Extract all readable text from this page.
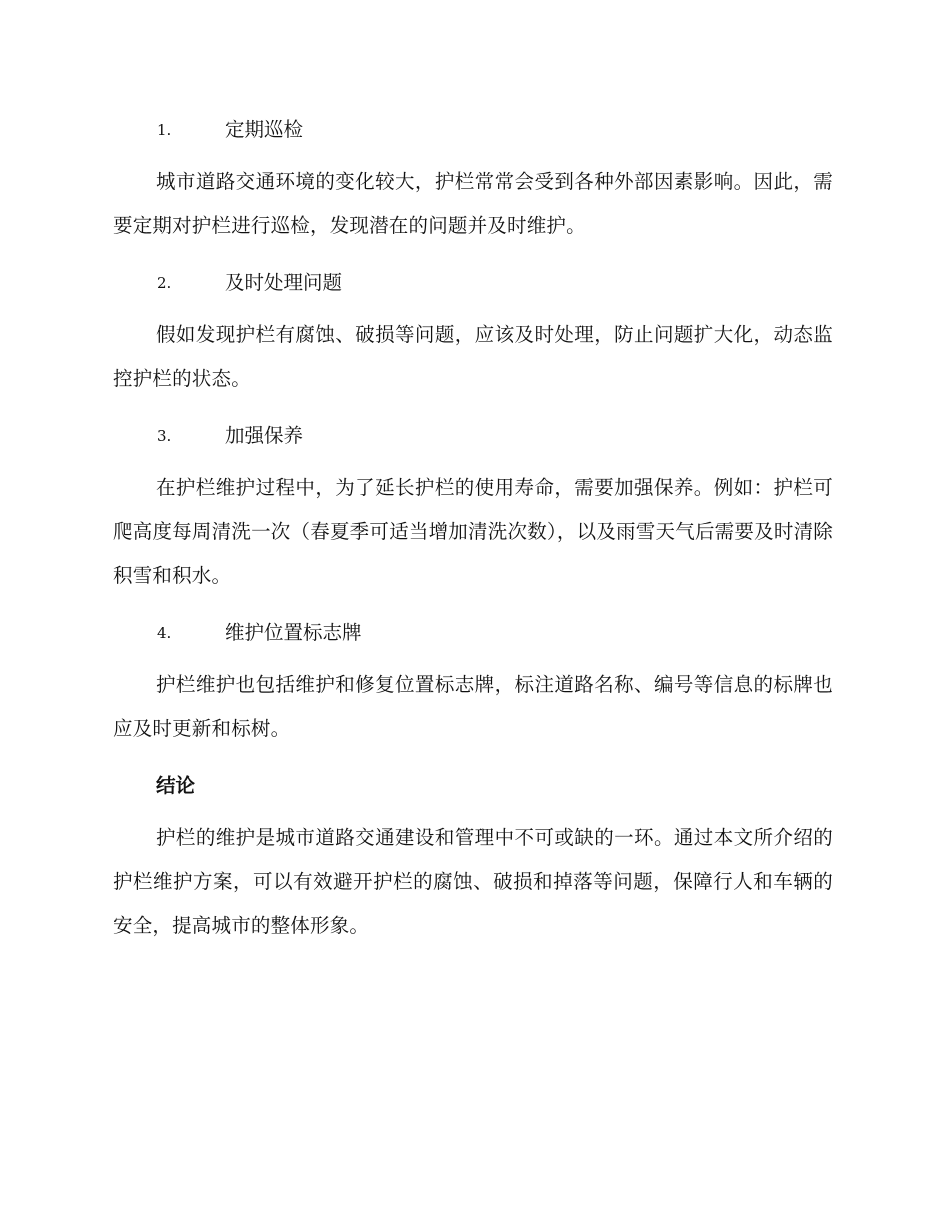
1.	定期巡检

城市道路交通环境的变化较大，护栏常常会受到各种外部因素影响。因此，需要定期对护栏进行巡检，发现潜在的问题并及时维护。

2.	及时处理问题

假如发现护栏有腐蚀、破损等问题，应该及时处理，防止问题扩大化，动态监控护栏的状态。

3.	加强保养

在护栏维护过程中，为了延长护栏的使用寿命，需要加强保养。例如：护栏可爬高度每周清洗一次（春夏季可适当增加清洗次数），以及雨雪天气后需要及时清除积雪和积水。

4.	维护位置标志牌

护栏维护也包括维护和修复位置标志牌，标注道路名称、编号等信息的标牌也应及时更新和标树。

结论

护栏的维护是城市道路交通建设和管理中不可或缺的一环。通过本文所介绍的护栏维护方案，可以有效避开护栏的腐蚀、破损和掉落等问题，保障行人和车辆的安全，提高城市的整体形象。
